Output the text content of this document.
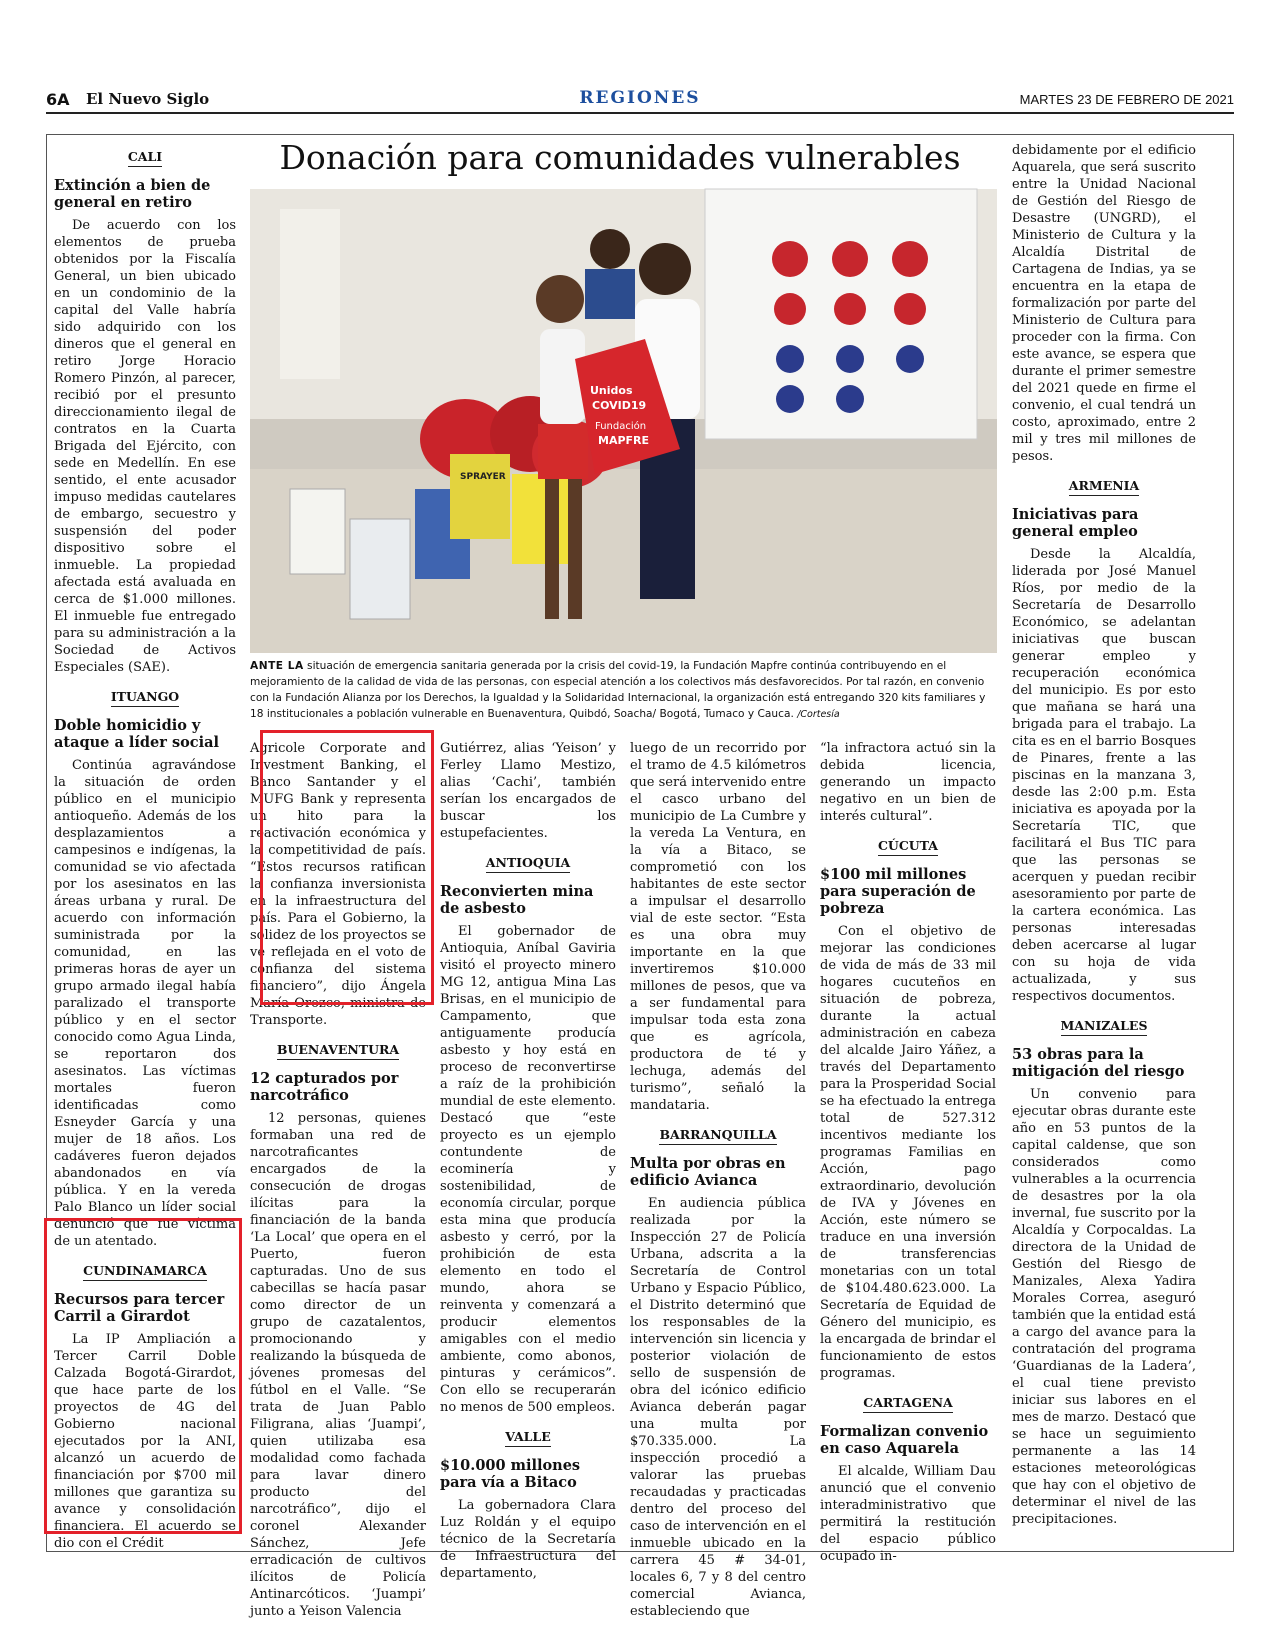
6A El Nuevo Siglo	REGIONES	MARTES 23 DE FEBRERO DE 2021
Donación para comunidades vulnerables
SPRAYER
Unidos
COVID19
Fundación
MAPFRE
ANTE LA situación de emergencia sanitaria generada por la crisis del covid-19, la Fundación Mapfre continúa contribuyendo en el mejoramiento de la calidad de vida de las personas, con especial atención a los colectivos más desfavorecidos. Por tal razón, en convenio con la Fundación Alianza por los Derechos, la Igualdad y la Solidaridad Internacional, la organización está entregando 320 kits familiares y 18 institucionales a población vulnerable en Buenaventura, Quibdó, Soacha/ Bogotá, Tumaco y Cauca. /Cortesía
CALI
Extinción a bien de general en retiro

De acuerdo con los elementos de prueba obtenidos por la Fiscalía General, un bien ubicado en un condominio de la capital del Valle habría sido adquirido con los dineros que el general en retiro Jorge Horacio Romero Pinzón, al parecer, recibió por el presunto direccionamiento ilegal de contratos en la Cuarta Brigada del Ejército, con sede en Medellín. En ese sentido, el ente acusador impuso medidas cautelares de embargo, secuestro y suspensión del poder dispositivo sobre el inmueble. La propiedad afectada está avaluada en cerca de $1.000 millones. El inmueble fue entregado para su administración a la Sociedad de Activos Especiales (SAE).

ITUANGO
Doble homicidio y ataque a líder social

Continúa agravándose la situación de orden público en el municipio antioqueño. Además de los desplazamientos a campesinos e indígenas, la comunidad se vio afectada por los asesinatos en las áreas urbana y rural. De acuerdo con información suministrada por la comunidad, en las primeras horas de ayer un grupo armado ilegal había paralizado el transporte público y en el sector conocido como Agua Linda, se reportaron dos asesinatos. Las víctimas mortales fueron identificadas como Esneyder García y una mujer de 18 años. Los cadáveres fueron dejados abandonados en vía pública. Y en la vereda Palo Blanco un líder social denunció que fue víctima de un atentado.

CUNDINAMARCA
Recursos para tercer Carril a Girardot

La IP Ampliación a Tercer Carril Doble Calzada Bogotá-Girardot, que hace parte de los proyectos de 4G del Gobierno nacional ejecutados por la ANI, alcanzó un acuerdo de financiación por $700 mil millones que garantiza su avance y consolidación financiera. El acuerdo se dio con el Crédit

Agricole Corporate and Investment Banking, el Banco Santander y el MUFG Bank y representa un hito para la reactivación económica y la competitividad de país. “Estos recursos ratifican la confianza inversionista en la infraestructura del país. Para el Gobierno, la solidez de los proyectos se ve reflejada en el voto de confianza del sistema financiero”, dijo Ángela María Orozco, ministra de Transporte.

BUENAVENTURA
12 capturados por narcotráfico

12 personas, quienes formaban una red de narcotraficantes encargados de la consecución de drogas ilícitas para la financiación de la banda ‘La Local’ que opera en el Puerto, fueron capturadas. Uno de sus cabecillas se hacía pasar como director de un grupo de cazatalentos, promocionando y realizando la búsqueda de jóvenes promesas del fútbol en el Valle. “Se trata de Juan Pablo Filigrana, alias ‘Juampi’, quien utilizaba esa modalidad como fachada para lavar dinero producto del narcotráfico”, dijo el coronel Alexander Sánchez, Jefe erradicación de cultivos ilícitos de Policía Antinarcóticos. ‘Juampi’ junto a Yeison Valencia

Gutiérrez, alias ‘Yeison’ y Ferley Llamo Mestizo, alias ‘Cachi’, también serían los encargados de buscar los estupefacientes.

ANTIOQUIA
Reconvierten mina de asbesto

El gobernador de Antioquia, Aníbal Gaviria visitó el proyecto minero MG 12, antigua Mina Las Brisas, en el municipio de Campamento, que antiguamente producía asbesto y hoy está en proceso de reconvertirse a raíz de la prohibición mundial de este elemento. Destacó que “este proyecto es un ejemplo contundente de ecominería y sostenibilidad, de economía circular, porque esta mina que producía asbesto y cerró, por la prohibición de esta elemento en todo el mundo, ahora se reinventa y comenzará a producir elementos amigables con el medio ambiente, como abonos, pinturas y cerámicos”. Con ello se recuperarán no menos de 500 empleos.

VALLE
$10.000 millones para vía a Bitaco

La gobernadora Clara Luz Roldán y el equipo técnico de la Secretaría de Infraestructura del departamento,

luego de un recorrido por el tramo de 4.5 kilómetros que será intervenido entre el casco urbano del municipio de La Cumbre y la vereda La Ventura, en la vía a Bitaco, se comprometió con los habitantes de este sector a impulsar el desarrollo vial de este sector. “Esta es una obra muy importante en la que invertiremos $10.000 millones de pesos, que va a ser fundamental para impulsar toda esta zona que es agrícola, productora de té y lechuga, además del turismo”, señaló la mandataria.

BARRANQUILLA
Multa por obras en edificio Avianca

En audiencia pública realizada por la Inspección 27 de Policía Urbana, adscrita a la Secretaría de Control Urbano y Espacio Público, el Distrito determinó que los responsables de la intervención sin licencia y posterior violación de sello de suspensión de obra del icónico edificio Avianca deberán pagar una multa por $70.335.000. La inspección procedió a valorar las pruebas recaudadas y practicadas dentro del proceso del caso de intervención en el inmueble ubicado en la carrera 45 # 34-01, locales 6, 7 y 8 del centro comercial Avianca, estableciendo que

“la infractora actuó sin la debida licencia, generando un impacto negativo en un bien de interés cultural”.

CÚCUTA
$100 mil millones para superación de pobreza

Con el objetivo de mejorar las condiciones de vida de más de 33 mil hogares cucuteños en situación de pobreza, durante la actual administración en cabeza del alcalde Jairo Yáñez, a través del Departamento para la Prosperidad Social se ha efectuado la entrega total de 527.312 incentivos mediante los programas Familias en Acción, pago extraordinario, devolución de IVA y Jóvenes en Acción, este número se traduce en una inversión de transferencias monetarias con un total de $104.480.623.000. La Secretaría de Equidad de Género del municipio, es la encargada de brindar el funcionamiento de estos programas.

CARTAGENA
Formalizan convenio en caso Aquarela

El alcalde, William Dau anunció que el convenio interadministrativo que permitirá la restitución del espacio público ocupado in-

debidamente por el edificio Aquarela, que será suscrito entre la Unidad Nacional de Gestión del Riesgo de Desastre (UNGRD), el Ministerio de Cultura y la Alcaldía Distrital de Cartagena de Indias, ya se encuentra en la etapa de formalización por parte del Ministerio de Cultura para proceder con la firma. Con este avance, se espera que durante el primer semestre del 2021 quede en firme el convenio, el cual tendrá un costo, aproximado, entre 2 mil y tres mil millones de pesos.

ARMENIA
Iniciativas para general empleo

Desde la Alcaldía, liderada por José Manuel Ríos, por medio de la Secretaría de Desarrollo Económico, se adelantan iniciativas que buscan generar empleo y recuperación económica del municipio. Es por esto que mañana se hará una brigada para el trabajo. La cita es en el barrio Bosques de Pinares, frente a las piscinas en la manzana 3, desde las 2:00 p.m. Esta iniciativa es apoyada por la Secretaría TIC, que facilitará el Bus TIC para que las personas se acerquen y puedan recibir asesoramiento por parte de la cartera económica. Las personas interesadas deben acercarse al lugar con su hoja de vida actualizada, y sus respectivos documentos.

MANIZALES
53 obras para la mitigación del riesgo

Un convenio para ejecutar obras durante este año en 53 puntos de la capital caldense, que son considerados como vulnerables a la ocurrencia de desastres por la ola invernal, fue suscrito por la Alcaldía y Corpocaldas. La directora de la Unidad de Gestión del Riesgo de Manizales, Alexa Yadira Morales Correa, aseguró también que la entidad está a cargo del avance para la contratación del programa ‘Guardianas de la Ladera’, el cual tiene previsto iniciar sus labores en el mes de marzo. Destacó que se hace un seguimiento permanente a las 14 estaciones meteorológicas que hay con el objetivo de determinar el nivel de las precipitaciones.
